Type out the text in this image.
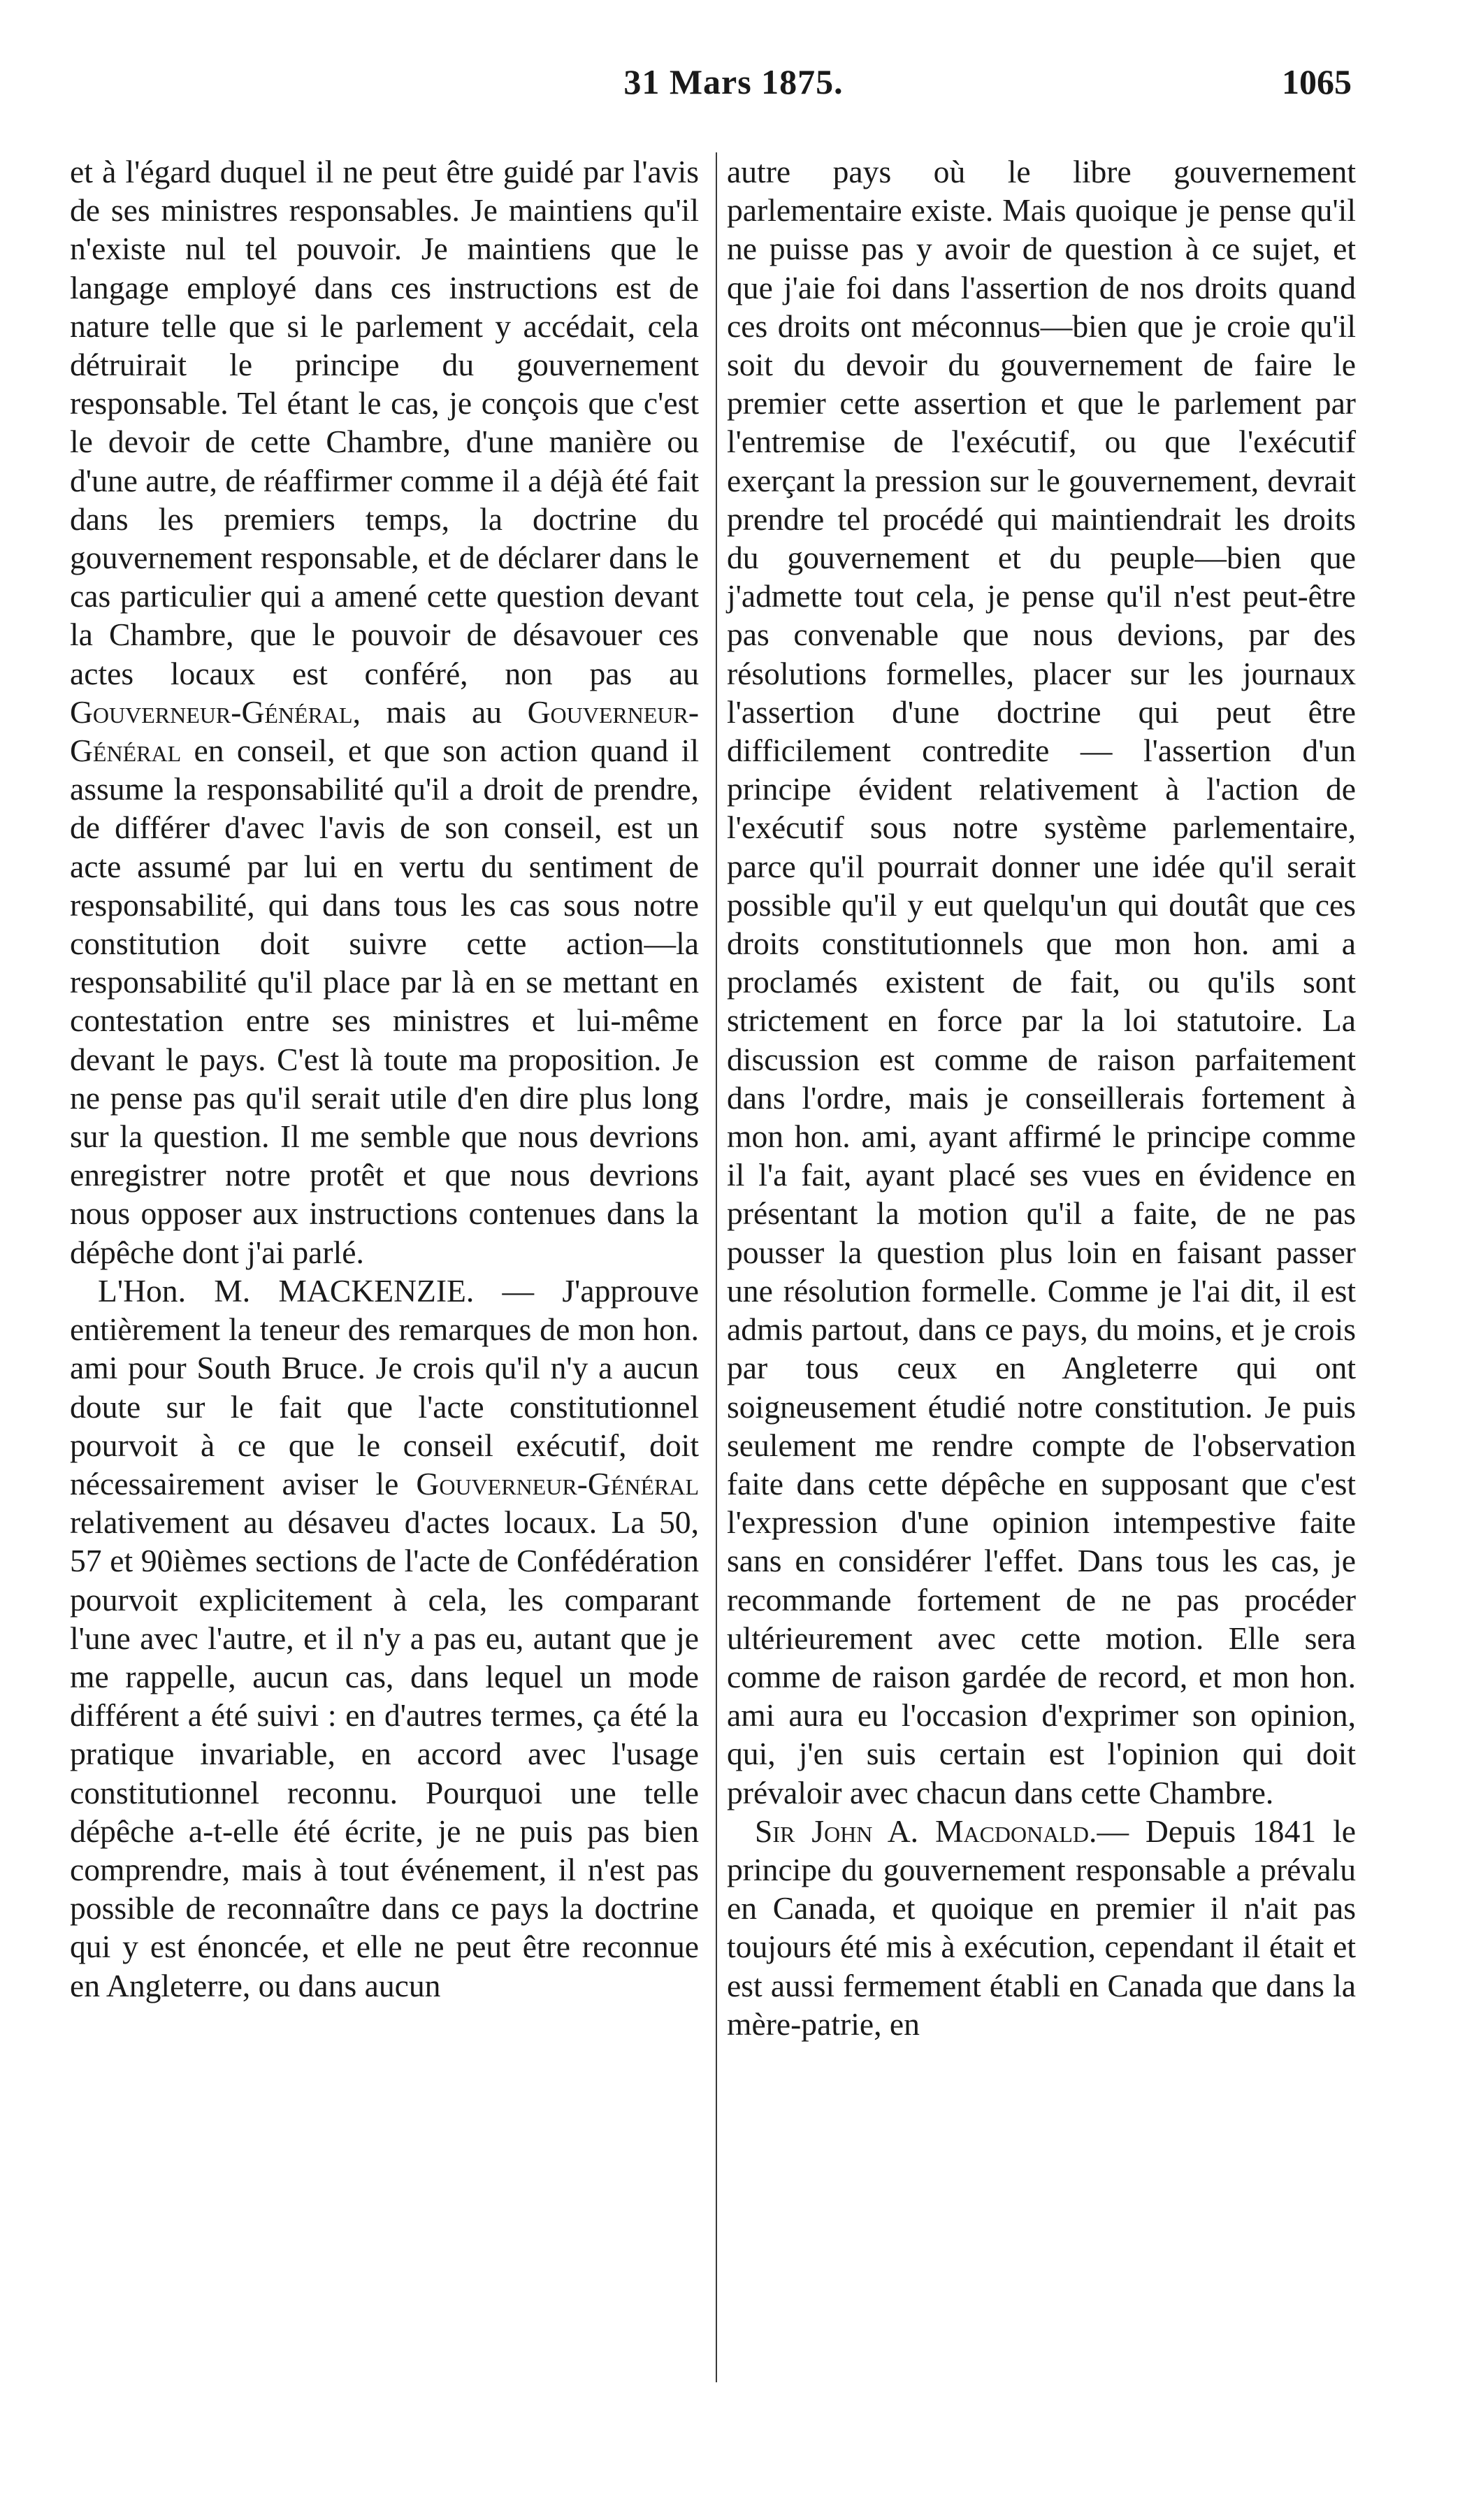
31 Mars 1875.	1065

et à l'égard duquel il ne peut être guidé par l'avis de ses ministres responsables. Je maintiens qu'il n'existe nul tel pouvoir. Je maintiens que le langage employé dans ces instructions est de nature telle que si le parlement y accédait, cela détruirait le principe du gouvernement responsable. Tel étant le cas, je conçois que c'est le devoir de cette Chambre, d'une manière ou d'une autre, de réaffirmer comme il a déjà été fait dans les premiers temps, la doctrine du gouvernement responsable, et de déclarer dans le cas particulier qui a amené cette question devant la Chambre, que le pouvoir de désavouer ces actes locaux est conféré, non pas au Gouverneur-Général, mais au Gouverneur-Général en conseil, et que son action quand il assume la responsabilité qu'il a droit de prendre, de différer d'avec l'avis de son conseil, est un acte assumé par lui en vertu du sentiment de responsabilité, qui dans tous les cas sous notre constitution doit suivre cette action—la responsabilité qu'il place par là en se mettant en contestation entre ses ministres et lui-même devant le pays. C'est là toute ma proposition. Je ne pense pas qu'il serait utile d'en dire plus long sur la question. Il me semble que nous devrions enregistrer notre protêt et que nous devrions nous opposer aux instructions contenues dans la dépêche dont j'ai parlé.

L'Hon. M. MACKENZIE. — J'approuve entièrement la teneur des remarques de mon hon. ami pour South Bruce. Je crois qu'il n'y a aucun doute sur le fait que l'acte constitutionnel pourvoit à ce que le conseil exécutif, doit nécessairement aviser le Gouverneur-Général relativement au désaveu d'actes locaux. La 50, 57 et 90ièmes sections de l'acte de Confédération pourvoit explicitement à cela, les comparant l'une avec l'autre, et il n'y a pas eu, autant que je me rappelle, aucun cas, dans lequel un mode différent a été suivi : en d'autres termes, ça été la pratique invariable, en accord avec l'usage constitutionnel reconnu. Pourquoi une telle dépêche a-t-elle été écrite, je ne puis pas bien comprendre, mais à tout événement, il n'est pas possible de reconnaître dans ce pays la doctrine qui y est énoncée, et elle ne peut être reconnue en Angleterre, ou dans aucun

autre pays où le libre gouvernement parlementaire existe. Mais quoique je pense qu'il ne puisse pas y avoir de question à ce sujet, et que j'aie foi dans l'assertion de nos droits quand ces droits ont méconnus—bien que je croie qu'il soit du devoir du gouvernement de faire le premier cette assertion et que le parlement par l'entremise de l'exécutif, ou que l'exécutif exerçant la pression sur le gouvernement, devrait prendre tel procédé qui maintiendrait les droits du gouvernement et du peuple—bien que j'admette tout cela, je pense qu'il n'est peut-être pas convenable que nous devions, par des résolutions formelles, placer sur les journaux l'assertion d'une doctrine qui peut être difficilement contredite — l'assertion d'un principe évident relativement à l'action de l'exécutif sous notre système parlementaire, parce qu'il pourrait donner une idée qu'il serait possible qu'il y eut quelqu'un qui doutât que ces droits constitutionnels que mon hon. ami a proclamés existent de fait, ou qu'ils sont strictement en force par la loi statutoire. La discussion est comme de raison parfaitement dans l'ordre, mais je conseillerais fortement à mon hon. ami, ayant affirmé le principe comme il l'a fait, ayant placé ses vues en évidence en présentant la motion qu'il a faite, de ne pas pousser la question plus loin en faisant passer une résolution formelle. Comme je l'ai dit, il est admis partout, dans ce pays, du moins, et je crois par tous ceux en Angleterre qui ont soigneusement étudié notre constitution. Je puis seulement me rendre compte de l'observation faite dans cette dépêche en supposant que c'est l'expression d'une opinion intempestive faite sans en considérer l'effet. Dans tous les cas, je recommande fortement de ne pas procéder ultérieurement avec cette motion. Elle sera comme de raison gardée de record, et mon hon. ami aura eu l'occasion d'exprimer son opinion, qui, j'en suis certain est l'opinion qui doit prévaloir avec chacun dans cette Chambre.

Sir John A. Macdonald.— Depuis 1841 le principe du gouvernement responsable a prévalu en Canada, et quoique en premier il n'ait pas toujours été mis à exécution, cependant il était et est aussi fermement établi en Canada que dans la mère-patrie, en
